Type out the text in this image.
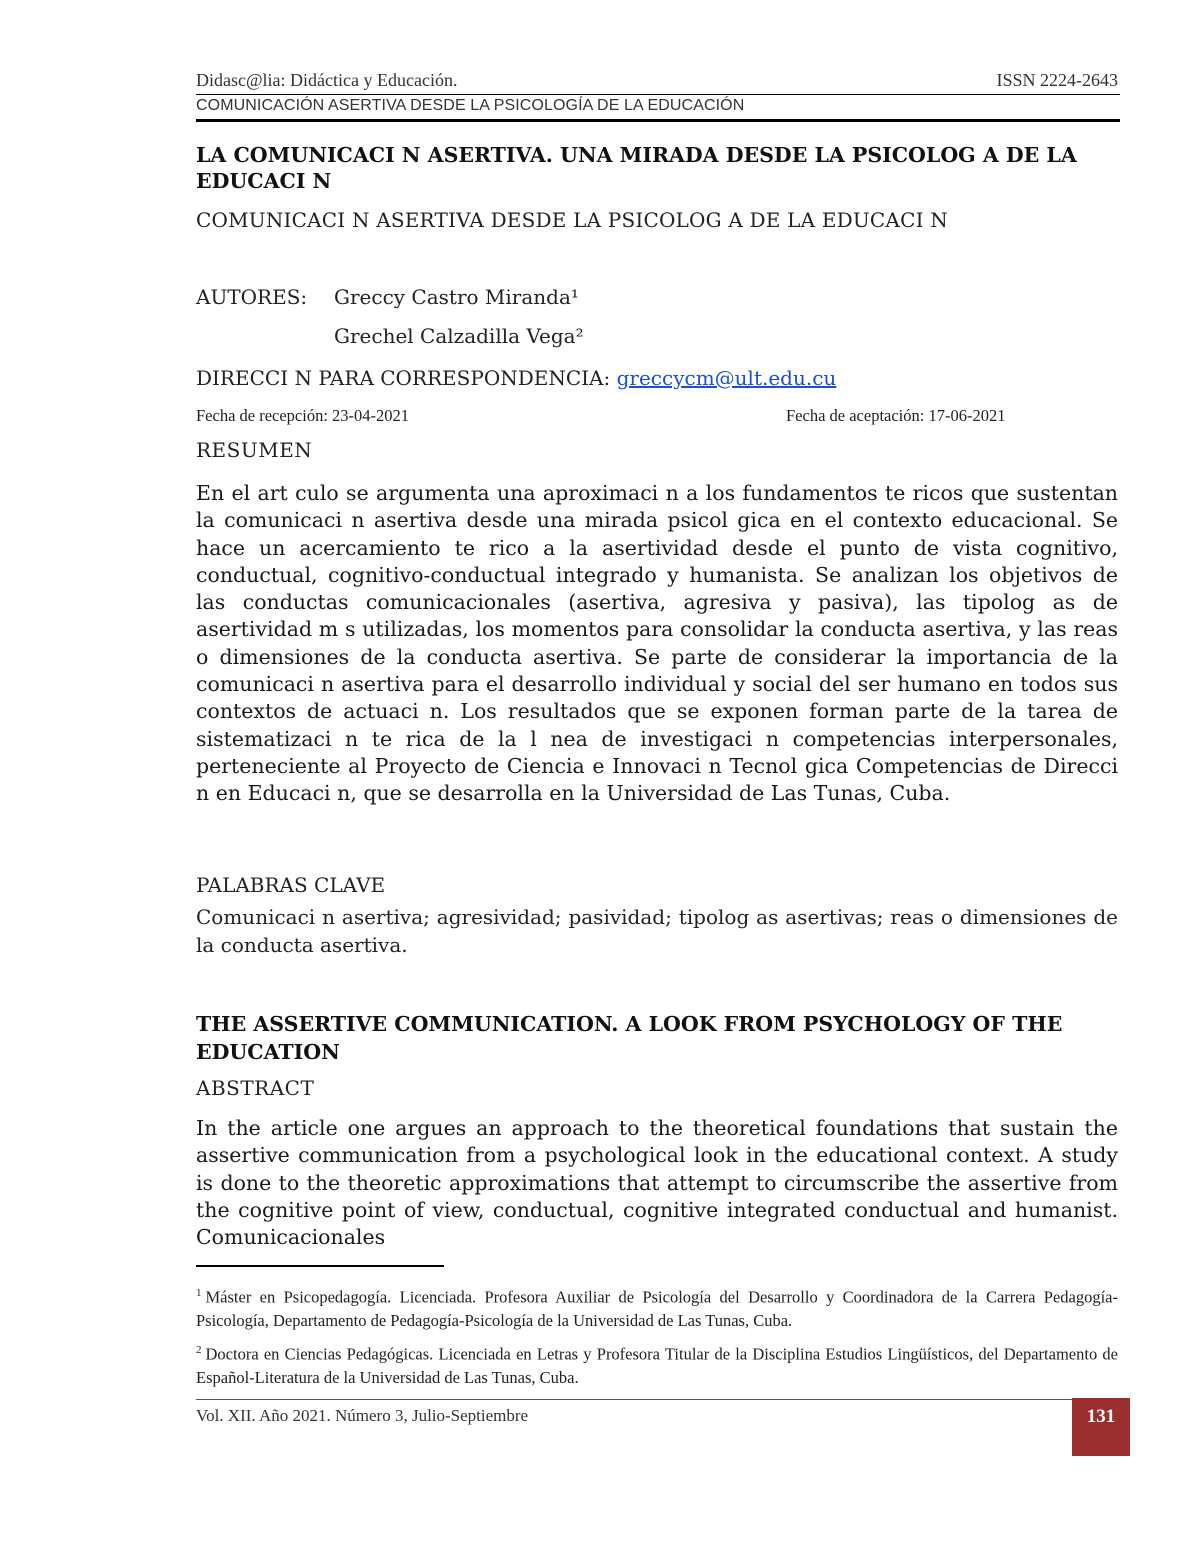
Didasc@lia: Didáctica y Educación.	ISSN 2224-2643
COMUNICACIÓN ASERTIVA DESDE LA PSICOLOGÍA DE LA EDUCACIÓN
LA COMUNICACI N ASERTIVA. UNA MIRADA DESDE LA PSICOLOG A DE LA EDUCACI N
COMUNICACI N ASERTIVA DESDE LA PSICOLOG A DE LA EDUCACI N
AUTORES: Greccy Castro Miranda¹
Grechel Calzadilla Vega²
DIRECCI N PARA CORRESPONDENCIA: greccycm@ult.edu.cu
Fecha de recepción: 23-04-2021	Fecha de aceptación: 17-06-2021
RESUMEN
En el art culo se argumenta una aproximaci n a los fundamentos te ricos que sustentan la comunicaci n asertiva desde una mirada psicol gica en el contexto educacional. Se hace un acercamiento te rico a la asertividad desde el punto de vista cognitivo, conductual, cognitivo-conductual integrado y humanista. Se analizan los objetivos de las conductas comunicacionales (asertiva, agresiva y pasiva), las tipolog as de asertividad m s utilizadas, los momentos para consolidar la conducta asertiva, y las reas o dimensiones de la conducta asertiva. Se parte de considerar la importancia de la comunicaci n asertiva para el desarrollo individual y social del ser humano en todos sus contextos de actuaci n. Los resultados que se exponen forman parte de la tarea de sistematizaci n te rica de la l nea de investigaci n competencias interpersonales, perteneciente al Proyecto de Ciencia e Innovaci n Tecnol gica Competencias de Direcci n en Educaci n, que se desarrolla en la Universidad de Las Tunas, Cuba.
PALABRAS CLAVE
Comunicaci n asertiva; agresividad; pasividad; tipolog as asertivas; reas o dimensiones de la conducta asertiva.
THE ASSERTIVE COMMUNICATION. A LOOK FROM PSYCHOLOGY OF THE EDUCATION
ABSTRACT
In the article one argues an approach to the theoretical foundations that sustain the assertive communication from a psychological look in the educational context. A study is done to the theoretic approximations that attempt to circumscribe the assertive from the cognitive point of view, conductual, cognitive integrated conductual and humanist. Comunicacionales
$^1$ Máster en Psicopedagogía. Licenciada. Profesora Auxiliar de Psicología del Desarrollo y Coordinadora de la Carrera Pedagogía-Psicología, Departamento de Pedagogía-Psicología de la Universidad de Las Tunas, Cuba.
$^2$ Doctora en Ciencias Pedagógicas. Licenciada en Letras y Profesora Titular de la Disciplina Estudios Lingüísticos, del Departamento de Español-Literatura de la Universidad de Las Tunas, Cuba.
Vol. XII. Año 2021. Número 3, Julio-Septiembre	131
